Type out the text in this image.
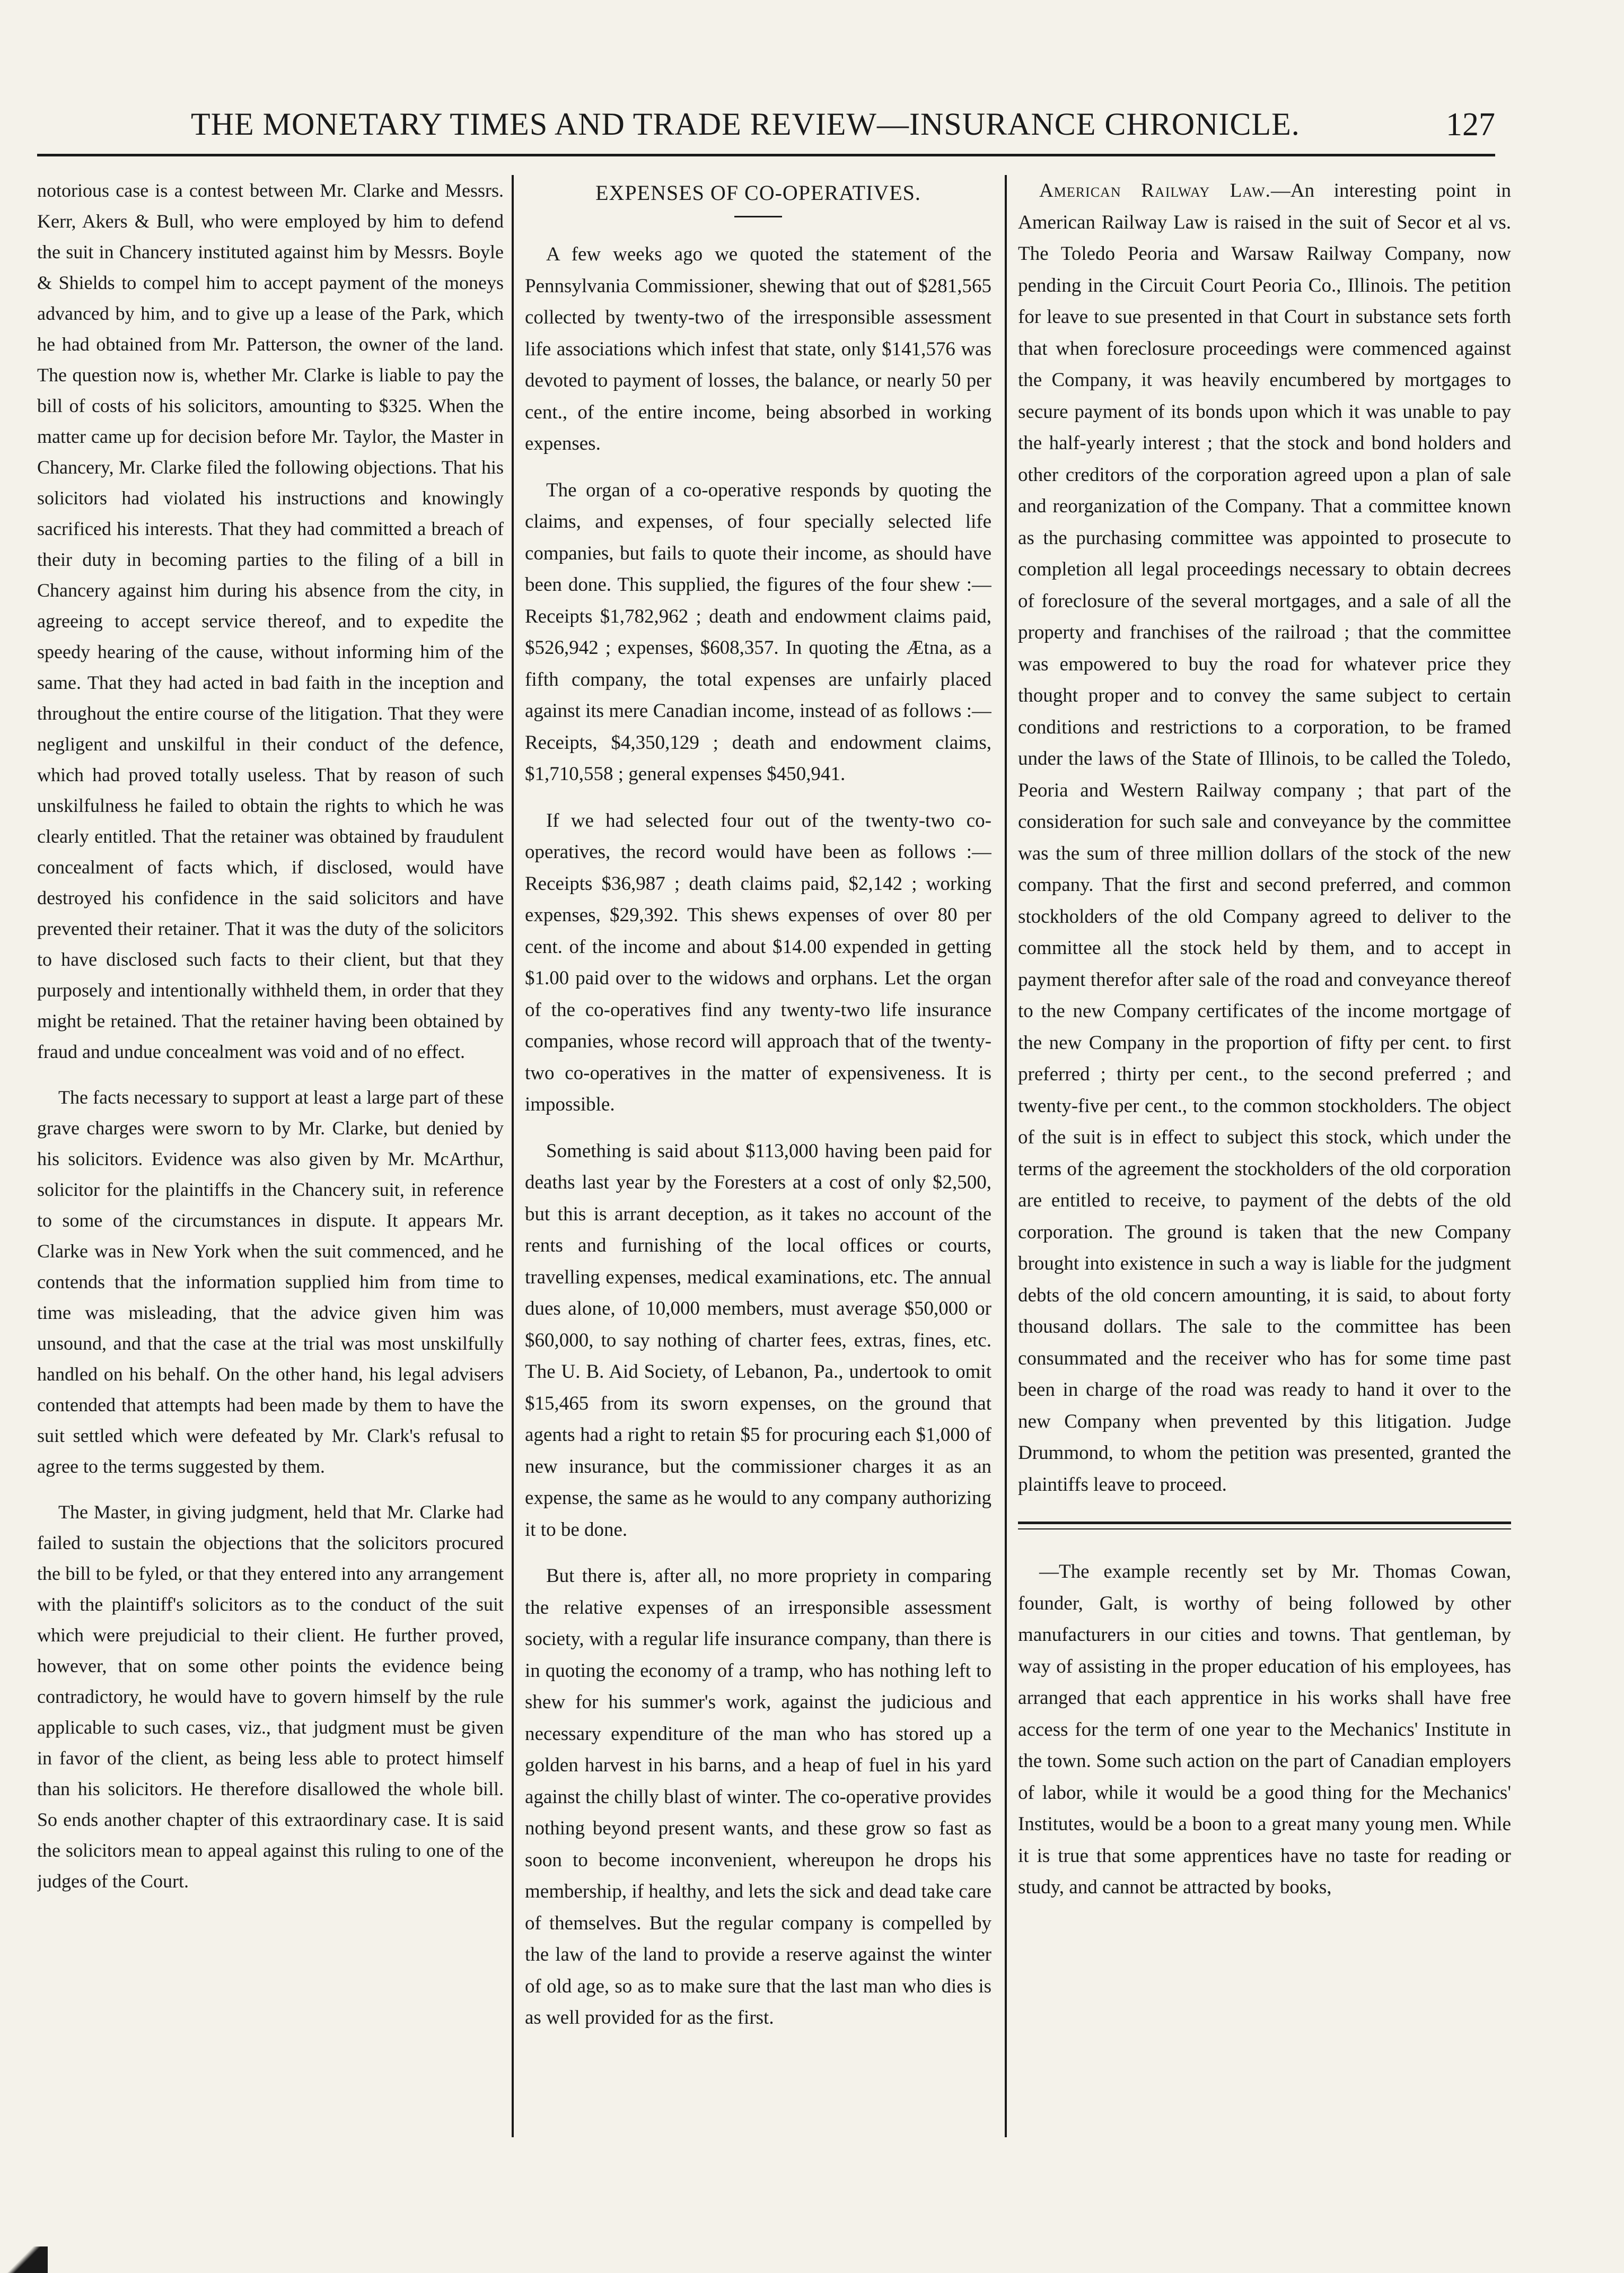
THE MONETARY TIMES AND TRADE REVIEW—INSURANCE CHRONICLE.	127

notorious case is a contest between Mr. Clarke and Messrs. Kerr, Akers & Bull, who were employed by him to defend the suit in Chancery instituted against him by Messrs. Boyle & Shields to compel him to accept payment of the moneys advanced by him, and to give up a lease of the Park, which he had obtained from Mr. Patterson, the owner of the land. The question now is, whether Mr. Clarke is liable to pay the bill of costs of his solicitors, amounting to $325. When the matter came up for decision before Mr. Taylor, the Master in Chancery, Mr. Clarke filed the following objections. That his solicitors had violated his instructions and knowingly sacrificed his interests. That they had committed a breach of their duty in becoming parties to the filing of a bill in Chancery against him during his absence from the city, in agreeing to accept service thereof, and to expedite the speedy hearing of the cause, without informing him of the same. That they had acted in bad faith in the inception and throughout the entire course of the litigation. That they were negligent and unskilful in their conduct of the defence, which had proved totally useless. That by reason of such unskilfulness he failed to obtain the rights to which he was clearly entitled. That the retainer was obtained by fraudulent concealment of facts which, if disclosed, would have destroyed his confidence in the said solicitors and have prevented their retainer. That it was the duty of the solicitors to have disclosed such facts to their client, but that they purposely and intentionally withheld them, in order that they might be retained. That the retainer having been obtained by fraud and undue concealment was void and of no effect.

The facts necessary to support at least a large part of these grave charges were sworn to by Mr. Clarke, but denied by his solicitors. Evidence was also given by Mr. McArthur, solicitor for the plaintiffs in the Chancery suit, in reference to some of the circumstances in dispute. It appears Mr. Clarke was in New York when the suit commenced, and he contends that the information supplied him from time to time was misleading, that the advice given him was unsound, and that the case at the trial was most unskilfully handled on his behalf. On the other hand, his legal advisers contended that attempts had been made by them to have the suit settled which were defeated by Mr. Clark's refusal to agree to the terms suggested by them.

The Master, in giving judgment, held that Mr. Clarke had failed to sustain the objections that the solicitors procured the bill to be fyled, or that they entered into any arrangement with the plaintiff's solicitors as to the conduct of the suit which were prejudicial to their client. He further proved, however, that on some other points the evidence being contradictory, he would have to govern himself by the rule applicable to such cases, viz., that judgment must be given in favor of the client, as being less able to protect himself than his solicitors. He therefore disallowed the whole bill. So ends another chapter of this extraordinary case. It is said the solicitors mean to appeal against this ruling to one of the judges of the Court.

EXPENSES OF CO-OPERATIVES.

A few weeks ago we quoted the statement of the Pennsylvania Commissioner, shewing that out of $281,565 collected by twenty-two of the irresponsible assessment life associations which infest that state, only $141,576 was devoted to payment of losses, the balance, or nearly 50 per cent., of the entire income, being absorbed in working expenses.

The organ of a co-operative responds by quoting the claims, and expenses, of four specially selected life companies, but fails to quote their income, as should have been done. This supplied, the figures of the four shew :—Receipts $1,782,962 ; death and endowment claims paid, $526,942 ; expenses, $608,357. In quoting the Ætna, as a fifth company, the total expenses are unfairly placed against its mere Canadian income, instead of as follows :—Receipts, $4,350,129 ; death and endowment claims, $1,710,558 ; general expenses $450,941.

If we had selected four out of the twenty-two co-operatives, the record would have been as follows :—Receipts $36,987 ; death claims paid, $2,142 ; working expenses, $29,392. This shews expenses of over 80 per cent. of the income and about $14.00 expended in getting $1.00 paid over to the widows and orphans. Let the organ of the co-operatives find any twenty-two life insurance companies, whose record will approach that of the twenty-two co-operatives in the matter of expensiveness. It is impossible.

Something is said about $113,000 having been paid for deaths last year by the Foresters at a cost of only $2,500, but this is arrant deception, as it takes no account of the rents and furnishing of the local offices or courts, travelling expenses, medical examinations, etc. The annual dues alone, of 10,000 members, must average $50,000 or $60,000, to say nothing of charter fees, extras, fines, etc. The U. B. Aid Society, of Lebanon, Pa., undertook to omit $15,465 from its sworn expenses, on the ground that agents had a right to retain $5 for procuring each $1,000 of new insurance, but the commissioner charges it as an expense, the same as he would to any company authorizing it to be done.

But there is, after all, no more propriety in comparing the relative expenses of an irresponsible assessment society, with a regular life insurance company, than there is in quoting the economy of a tramp, who has nothing left to shew for his summer's work, against the judicious and necessary expenditure of the man who has stored up a golden harvest in his barns, and a heap of fuel in his yard against the chilly blast of winter. The co-operative provides nothing beyond present wants, and these grow so fast as soon to become inconvenient, whereupon he drops his membership, if healthy, and lets the sick and dead take care of themselves. But the regular company is compelled by the law of the land to provide a reserve against the winter of old age, so as to make sure that the last man who dies is as well provided for as the first.

American Railway Law.—An interesting point in American Railway Law is raised in the suit of Secor et al vs. The Toledo Peoria and Warsaw Railway Company, now pending in the Circuit Court Peoria Co., Illinois. The petition for leave to sue presented in that Court in substance sets forth that when foreclosure proceedings were commenced against the Company, it was heavily encumbered by mortgages to secure payment of its bonds upon which it was unable to pay the half-yearly interest ; that the stock and bond holders and other creditors of the corporation agreed upon a plan of sale and reorganization of the Company. That a committee known as the purchasing committee was appointed to prosecute to completion all legal proceedings necessary to obtain decrees of foreclosure of the several mortgages, and a sale of all the property and franchises of the railroad ; that the committee was empowered to buy the road for whatever price they thought proper and to convey the same subject to certain conditions and restrictions to a corporation, to be framed under the laws of the State of Illinois, to be called the Toledo, Peoria and Western Railway company ; that part of the consideration for such sale and conveyance by the committee was the sum of three million dollars of the stock of the new company. That the first and second preferred, and common stockholders of the old Company agreed to deliver to the committee all the stock held by them, and to accept in payment therefor after sale of the road and conveyance thereof to the new Company certificates of the income mortgage of the new Company in the proportion of fifty per cent. to first preferred ; thirty per cent., to the second preferred ; and twenty-five per cent., to the common stockholders. The object of the suit is in effect to subject this stock, which under the terms of the agreement the stockholders of the old corporation are entitled to receive, to payment of the debts of the old corporation. The ground is taken that the new Company brought into existence in such a way is liable for the judgment debts of the old concern amounting, it is said, to about forty thousand dollars. The sale to the committee has been consummated and the receiver who has for some time past been in charge of the road was ready to hand it over to the new Company when prevented by this litigation. Judge Drummond, to whom the petition was presented, granted the plaintiffs leave to proceed.

—The example recently set by Mr. Thomas Cowan, founder, Galt, is worthy of being followed by other manufacturers in our cities and towns. That gentleman, by way of assisting in the proper education of his employees, has arranged that each apprentice in his works shall have free access for the term of one year to the Mechanics' Institute in the town. Some such action on the part of Canadian employers of labor, while it would be a good thing for the Mechanics' Institutes, would be a boon to a great many young men. While it is true that some apprentices have no taste for reading or study, and cannot be attracted by books,
